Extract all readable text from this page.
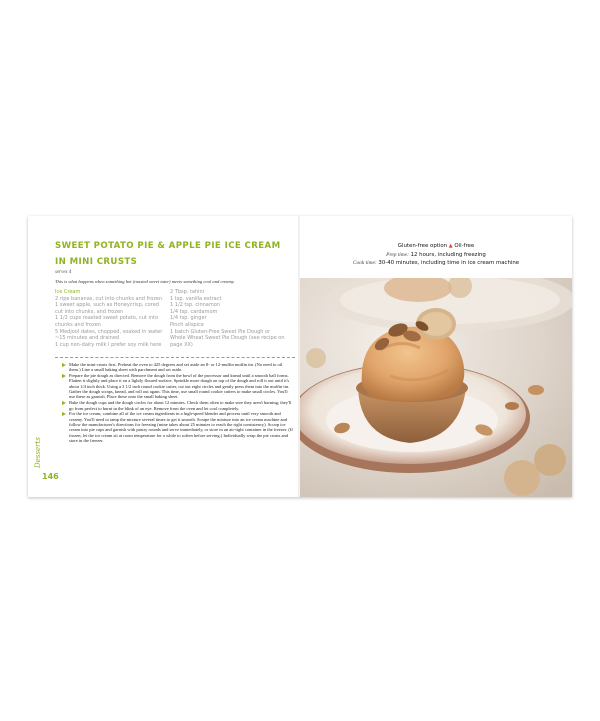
SWEET POTATO PIE & APPLE PIE ICE CREAM IN MINI CRUSTS
serves 4
This is what happens when something hot (roasted sweet tater) meets something cool and creamy.
Ice Cream
2 ripe bananas, cut into chunks and frozen
1 sweet apple, such as Honeycrisp, cored cut into chunks, and frozen
1 1/2 cups roasted sweet potato, cut into chunks and frozen
5 Medjool dates, chopped, soaked in water ~15 minutes and drained
1 cup non-dairy milk I prefer soy milk here
2 Tbsp. tahini
1 tsp. vanilla extract
1 1/2 tsp. cinnamon
1/4 tsp. cardamom
1/4 tsp. ginger
Pinch allspice
1 batch Gluten-Free Sweet Pie Dough or Whole Wheat Sweet Pie Dough (see recipe on page XX)
Make the mini-crusts first. Preheat the oven to 425 degrees and set aside an 8- or 12-muffin muffin tin. (No need to oil them.) Line a small baking sheet with parchment and set aside.
Prepare the pie dough as directed. Remove the dough from the bowl of the processor and knead until a smooth ball forms. Flatten it slightly and place it on a lightly floured surface. Sprinkle more dough on top of the dough and roll it out until it's about 1/4 inch thick. Using a 3 1/2 inch round cookie cutter, cut out eight circles and gently press them into the muffin tin. Gather the dough scraps, knead, and roll out again. This time, use small round cookie cutters to make small circles. You'll use these as garnish. Place these onto the small baking sheet.
Bake the dough cups and the dough circles for about 12 minutes. Check them often to make sure they aren't burning; they'll go from perfect to burnt in the blink of an eye. Remove from the oven and let cool completely.
For the ice cream, combine all of the ice cream ingredients in a high-speed blender and process until very smooth and creamy. You'll need to tamp the mixture several times to get it smooth. Scrape the mixture into an ice cream machine and follow the manufacturer's directions for freezing (mine takes about 25 minutes to reach the right consistency). Scoop ice cream into pie cups and garnish with pastry rounds and serve immediately, or store in an air-tight container in the freezer. (If frozen, let the ice cream sit at room temperature for a while to soften before serving.) Individually wrap the pie crusts and store in the freezer.
Desserts
146
Gluten-free option ▲ Oil-free
Prep time: 12 hours, including freezing
Cook time: 30-40 minutes, including time in ice cream machine
